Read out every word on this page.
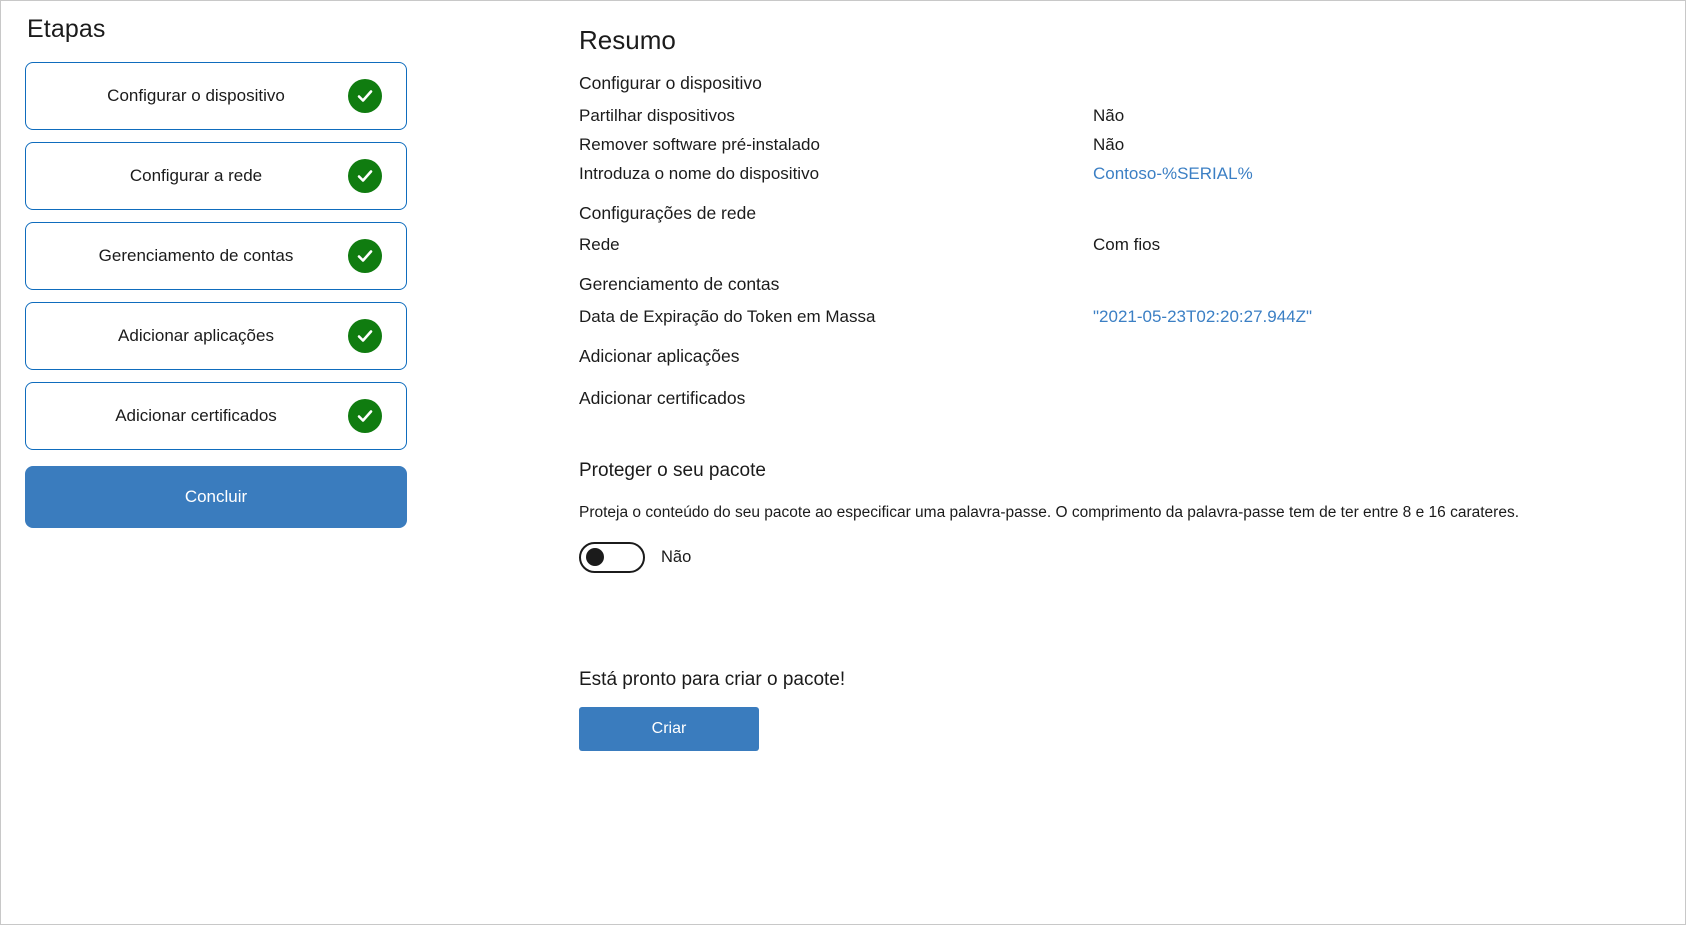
Etapas
Configurar o dispositivo
Configurar a rede
Gerenciamento de contas
Adicionar aplicações
Adicionar certificados
Concluir
Resumo
Configurar o dispositivo
Partilhar dispositivos	Não
Remover software pré-instalado	Não
Introduza o nome do dispositivo	Contoso-%SERIAL%
Configurações de rede
Rede	Com fios
Gerenciamento de contas
Data de Expiração do Token em Massa	"2021-05-23T02:20:27.944Z"
Adicionar aplicações
Adicionar certificados
Proteger o seu pacote
Proteja o conteúdo do seu pacote ao especificar uma palavra-passe. O comprimento da palavra-passe tem de ter entre 8 e 16 carateres.
Não
Está pronto para criar o pacote!
Criar
